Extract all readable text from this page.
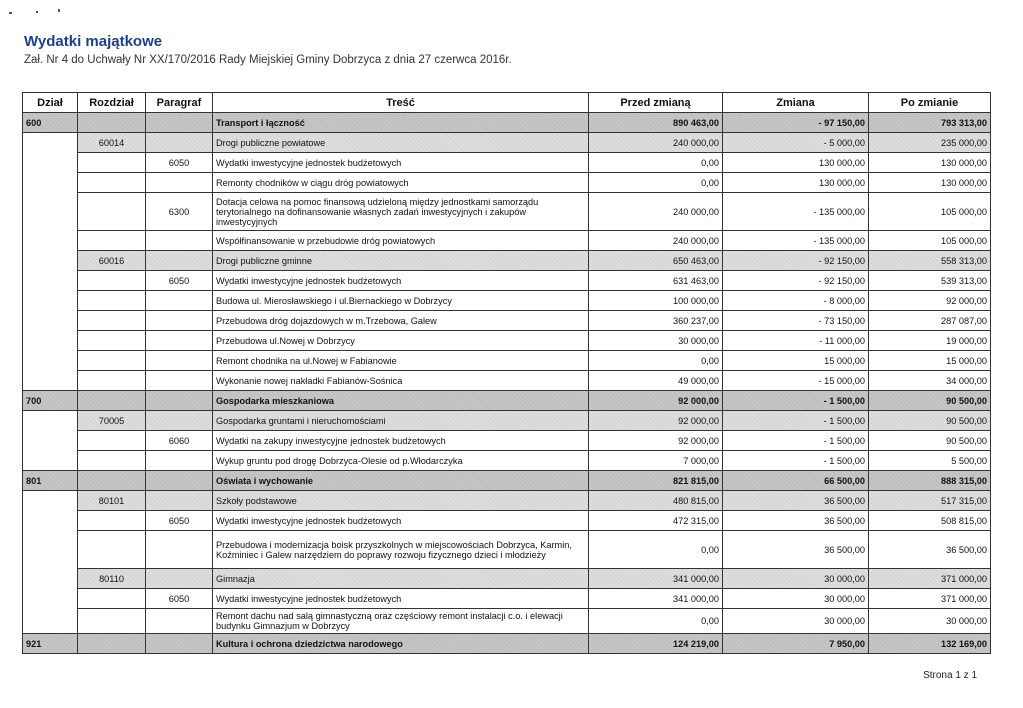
Wydatki majątkowe
Zał. Nr 4 do Uchwały Nr XX/170/2016 Rady Miejskiej Gminy Dobrzyca z dnia 27 czerwca 2016r.
Dział	Rozdział	Paragraf	Treść	Przed zmianą	Zmiana	Po zmianie
600			Transport i łączność	890 463,00	- 97 150,00	793 313,00
	60014		Drogi publiczne powiatowe	240 000,00	- 5 000,00	235 000,00
		6050	Wydatki inwestycyjne jednostek budżetowych	0,00	130 000,00	130 000,00
			Remonty chodników w ciągu dróg powiatowych	0,00	130 000,00	130 000,00
		6300	Dotacja celowa na pomoc finansową udzieloną między jednostkami samorządu terytorialnego na dofinansowanie własnych zadań inwestycyjnych i zakupów inwestycyjnych	240 000,00	- 135 000,00	105 000,00
			Współfinansowanie w przebudowie dróg powiatowych	240 000,00	- 135 000,00	105 000,00
	60016		Drogi publiczne gminne	650 463,00	- 92 150,00	558 313,00
		6050	Wydatki inwestycyjne jednostek budżetowych	631 463,00	- 92 150,00	539 313,00
			Budowa ul. Mierosławskiego i ul.Biernackiego w Dobrzycy	100 000,00	- 8 000,00	92 000,00
			Przebudowa dróg dojazdowych w m.Trzebowa, Galew	360 237,00	- 73 150,00	287 087,00
			Przebudowa ul.Nowej w Dobrzycy	30 000,00	- 11 000,00	19 000,00
			Remont chodnika na ul.Nowej w Fabianowie	0,00	15 000,00	15 000,00
			Wykonanie nowej nakładki Fabianów-Sośnica	49 000,00	- 15 000,00	34 000,00
700			Gospodarka mieszkaniowa	92 000,00	- 1 500,00	90 500,00
	70005		Gospodarka gruntami i nieruchomościami	92 000,00	- 1 500,00	90 500,00
		6060	Wydatki na zakupy inwestycyjne jednostek budżetowych	92 000,00	- 1 500,00	90 500,00
			Wykup gruntu pod drogę Dobrzyca-Olesie od p.Włodarczyka	7 000,00	- 1 500,00	5 500,00
801			Oświata i wychowanie	821 815,00	66 500,00	888 315,00
	80101		Szkoły podstawowe	480 815,00	36 500,00	517 315,00
		6050	Wydatki inwestycyjne jednostek budżetowych	472 315,00	36 500,00	508 815,00
			Przebudowa i modernizacja boisk przyszkolnych w miejscowościach Dobrzyca, Karmin, Koźminiec i Galew narzędziem do poprawy rozwoju fizycznego dzieci i młodzieży	0,00	36 500,00	36 500,00
	80110		Gimnazja	341 000,00	30 000,00	371 000,00
		6050	Wydatki inwestycyjne jednostek budżetowych	341 000,00	30 000,00	371 000,00
			Remont dachu nad salą gimnastyczną oraz częściowy remont instalacji c.o. i elewacji budynku Gimnazjum w Dobrzycy	0,00	30 000,00	30 000,00
921			Kultura i ochrona dziedzictwa narodowego	124 219,00	7 950,00	132 169,00
Strona 1 z 1
